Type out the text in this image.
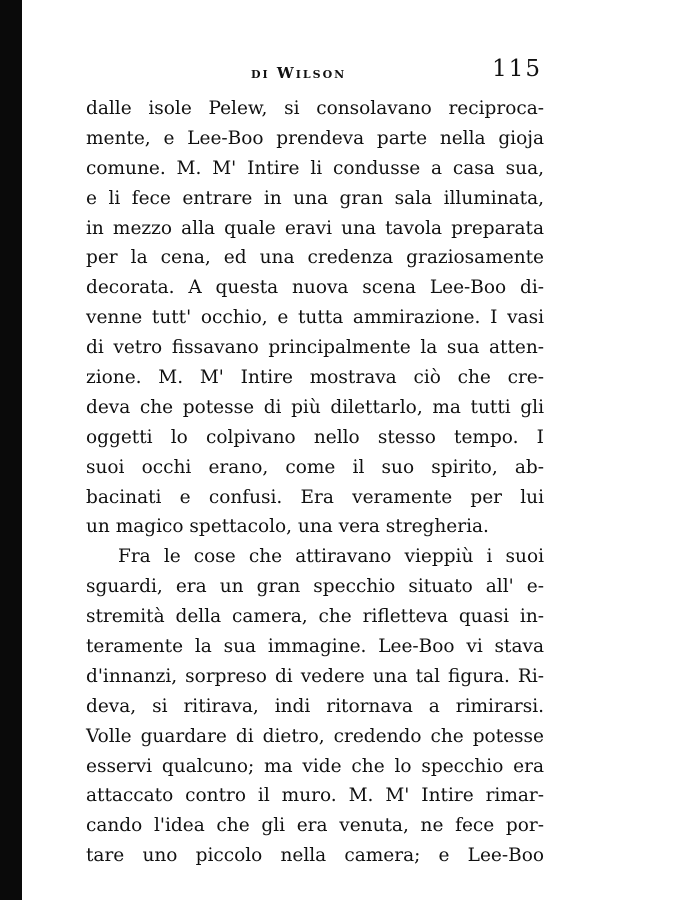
di Wilson	115
dalle isole Pelew, si consolavano reciproca-
mente, e Lee-Boo prendeva parte nella gioja
comune. M. M' Intire li condusse a casa sua,
e li fece entrare in una gran sala illuminata,
in mezzo alla quale eravi una tavola preparata
per la cena, ed una credenza graziosamente
decorata. A questa nuova scena Lee-Boo di-
venne tutt' occhio, e tutta ammirazione. I vasi
di vetro fissavano principalmente la sua atten-
zione. M. M' Intire mostrava ciò che cre-
deva che potesse di più dilettarlo, ma tutti gli
oggetti lo colpivano nello stesso tempo. I
suoi occhi erano, come il suo spirito, ab-
bacinati e confusi. Era veramente per lui
un magico spettacolo, una vera stregheria.
Fra le cose che attiravano vieppiù i suoi
sguardi, era un gran specchio situato all' e-
stremità della camera, che rifletteva quasi in-
teramente la sua immagine. Lee-Boo vi stava
d'innanzi, sorpreso di vedere una tal figura. Ri-
deva, si ritirava, indi ritornava a rimirarsi.
Volle guardare di dietro, credendo che potesse
esservi qualcuno; ma vide che lo specchio era
attaccato contro il muro. M. M' Intire rimar-
cando l'idea che gli era venuta, ne fece por-
tare uno piccolo nella camera; e Lee-Boo
